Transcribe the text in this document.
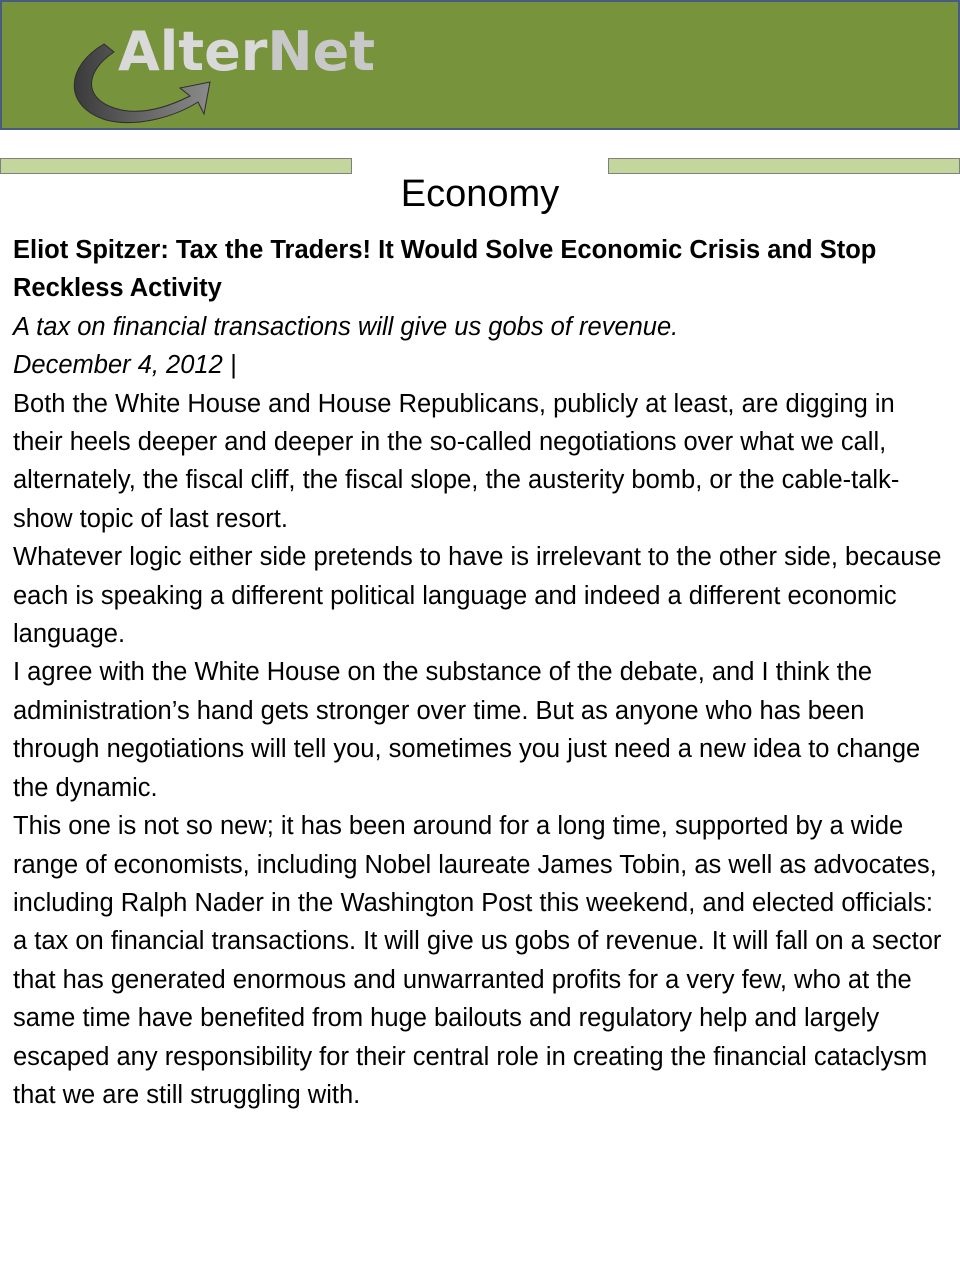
AlterNet
Economy

Eliot Spitzer: Tax the Traders! It Would Solve Economic Crisis and Stop Reckless Activity

A tax on financial transactions will give us gobs of revenue.

December 4, 2012 |

Both the White House and House Republicans, publicly at least, are digging in their heels deeper and deeper in the so-called negotiations over what we call, alternately, the fiscal cliff, the fiscal slope, the austerity bomb, or the cable-talk-show topic of last resort.

Whatever logic either side pretends to have is irrelevant to the other side, because each is speaking a different political language and indeed a different economic language.

I agree with the White House on the substance of the debate, and I think the administration’s hand gets stronger over time. But as anyone who has been through negotiations will tell you, sometimes you just need a new idea to change the dynamic.

This one is not so new; it has been around for a long time, supported by a wide range of economists, including Nobel laureate James Tobin, as well as advocates, including Ralph Nader in the Washington Post this weekend, and elected officials: a tax on financial transactions. It will give us gobs of revenue. It will fall on a sector that has generated enormous and unwarranted profits for a very few, who at the same time have benefited from huge bailouts and regulatory help and largely escaped any responsibility for their central role in creating the financial cataclysm that we are still struggling with.
